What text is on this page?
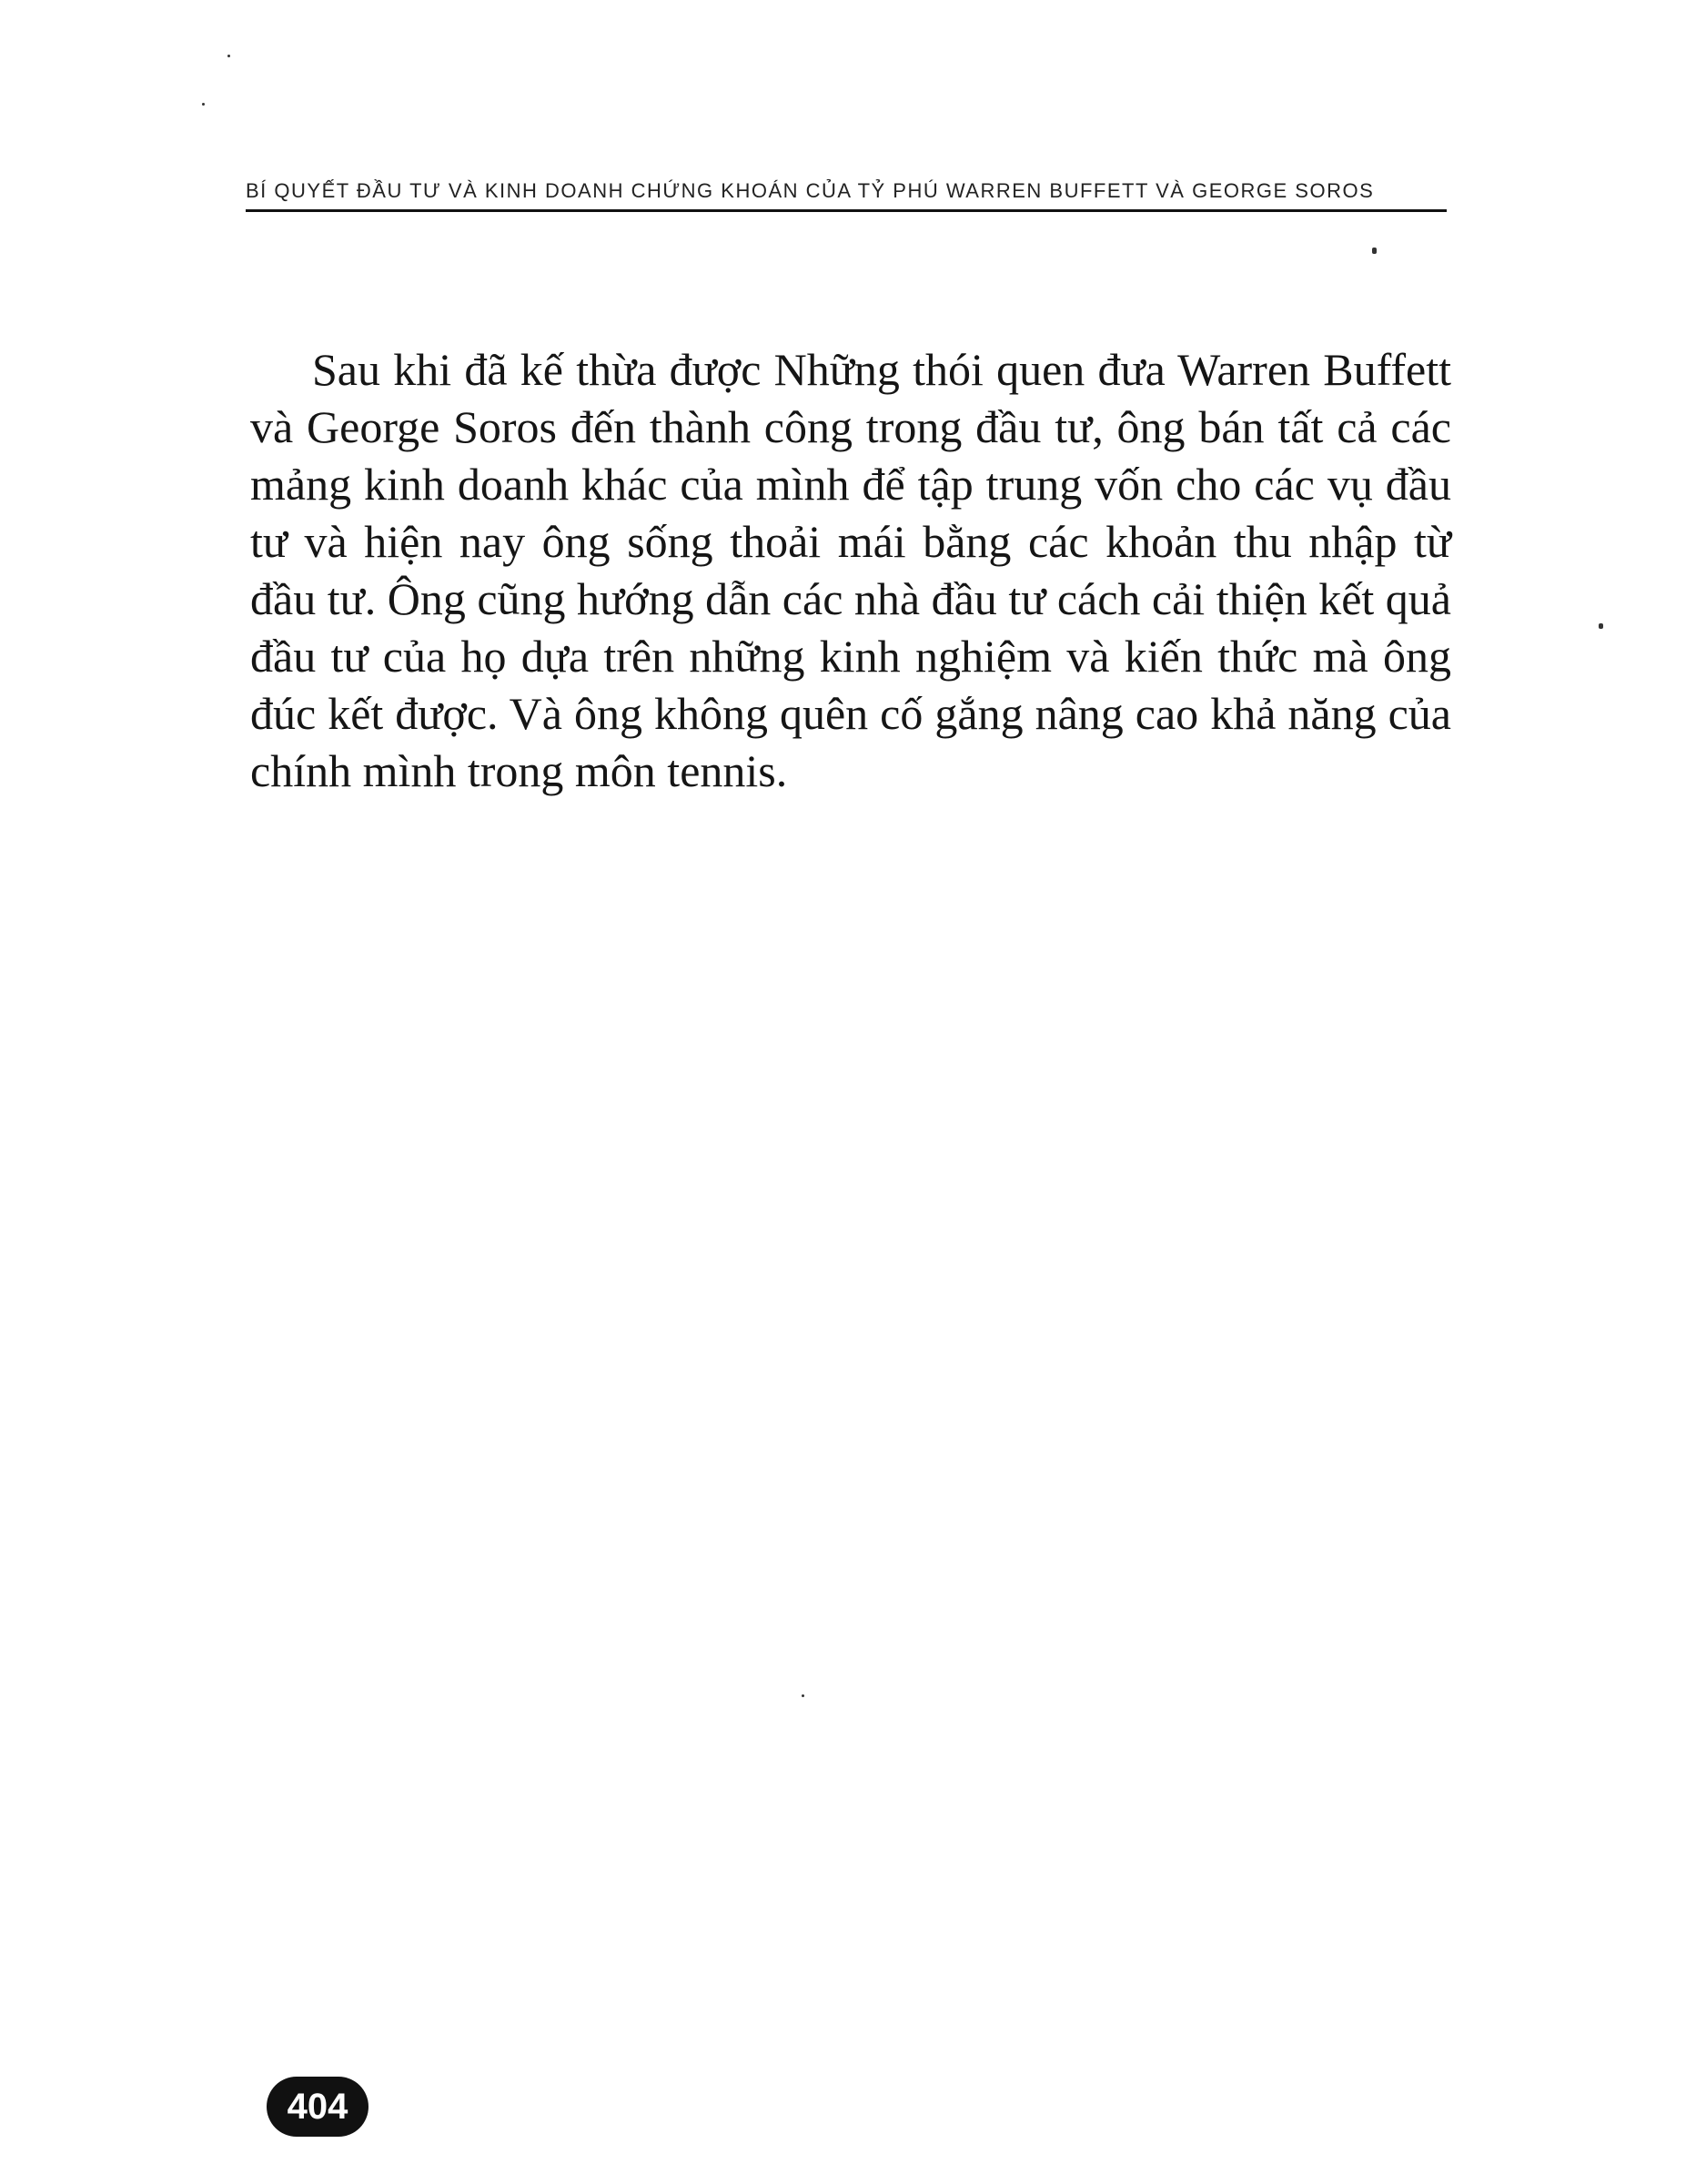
BÍ QUYẾT ĐẦU TƯ VÀ KINH DOANH CHỨNG KHOÁN CỦA TỶ PHÚ WARREN BUFFETT VÀ GEORGE SOROS

Sau khi đã kế thừa được Những thói quen đưa Warren Buffett và George Soros đến thành công trong đầu tư, ông bán tất cả các mảng kinh doanh khác của mình để tập trung vốn cho các vụ đầu tư và hiện nay ông sống thoải mái bằng các khoản thu nhập từ đầu tư. Ông cũng hướng dẫn các nhà đầu tư cách cải thiện kết quả đầu tư của họ dựa trên những kinh nghiệm và kiến thức mà ông đúc kết được. Và ông không quên cố gắng nâng cao khả năng của chính mình trong môn tennis.

404
